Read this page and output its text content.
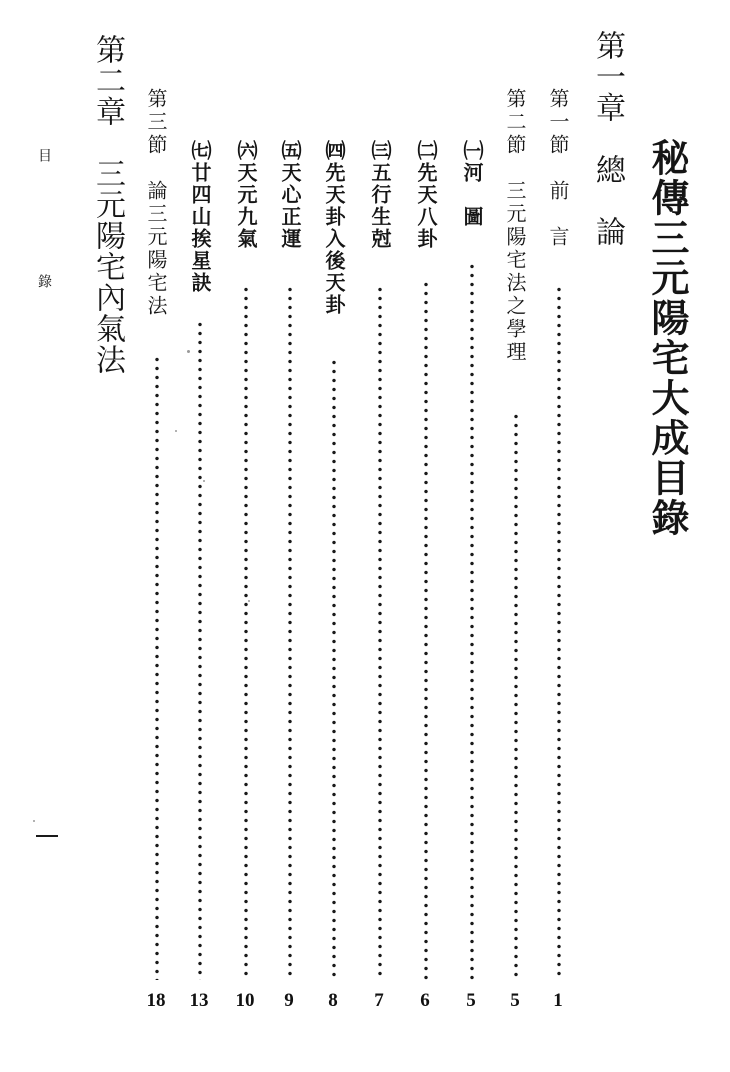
秘傳三元陽宅大成目錄
第一章　總　論
第一節　前　言
1
第二節　三元陽宅法之學理
5
㈠河　圖
5
㈡先天八卦
6
㈢五行生尅
7
㈣先天卦入後天卦
8
㈤天心正運
9
㈥天元九氣
10
㈦廿四山挨星訣
13
第三節　論三元陽宅法
18
第二章　三元陽宅內氣法
目　　錄
